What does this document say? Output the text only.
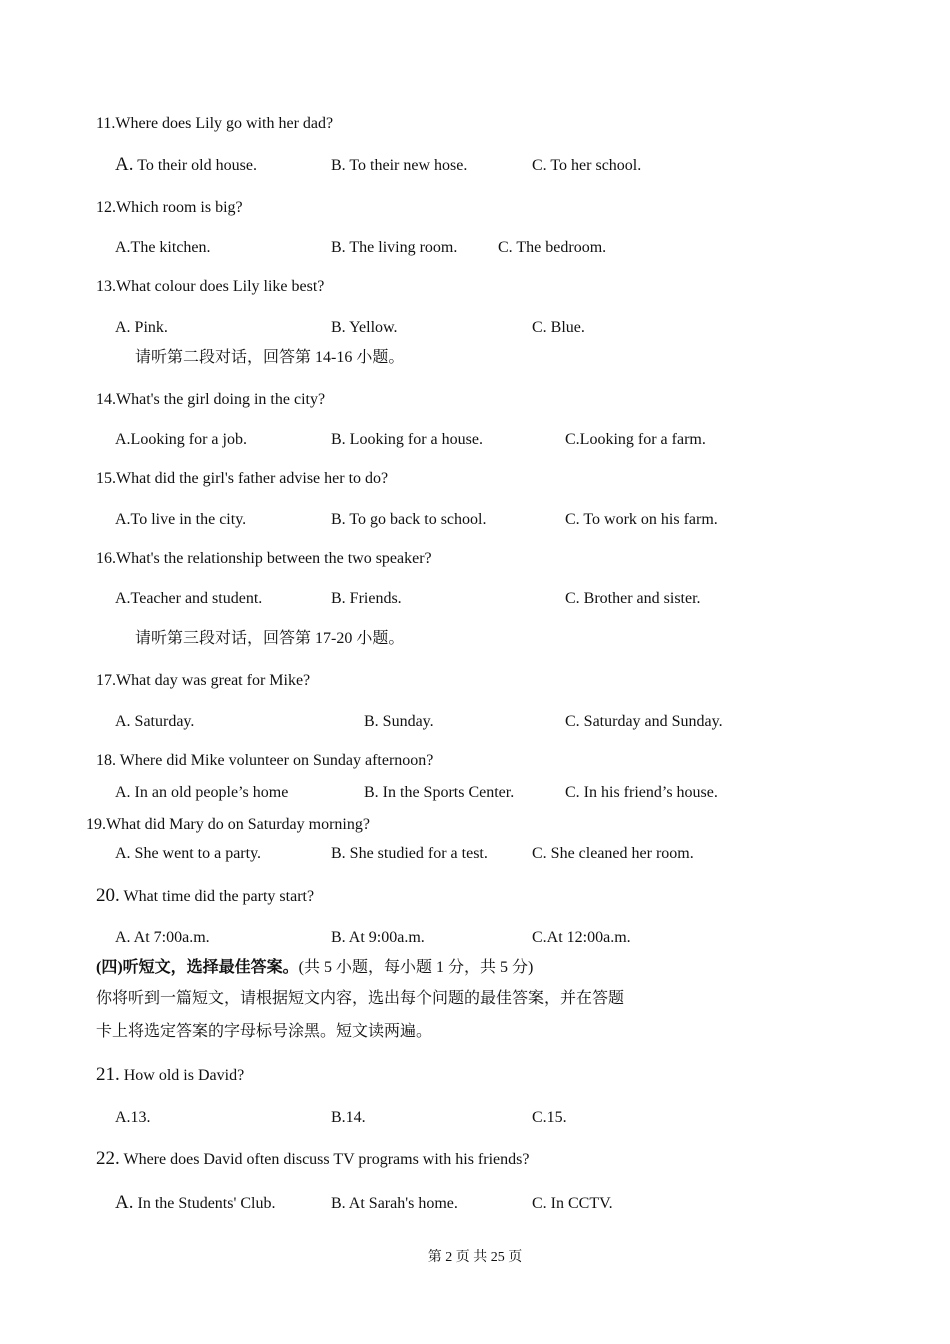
11.Where does Lily go with her dad?
A. To their old house.	B. To their new hose.	C. To her school.
12.Which room is big?
A.The kitchen.	B. The living room.	C. The bedroom.
13.What colour does Lily like best?
A. Pink.	B. Yellow.	C. Blue.
请听第二段对话，回答第 14-16 小题。
14.What's the girl doing in the city?
A.Looking for a job.	B. Looking for a house.	C.Looking for a farm.
15.What did the girl's father advise her to do?
A.To live in the city.	B. To go back to school.	C. To work on his farm.
16.What's the relationship between the two speaker?
A.Teacher and student.	B. Friends.	C. Brother and sister.
请听第三段对话，回答第 17-20 小题。
17.What day was great for Mike?
A. Saturday.	B. Sunday.	C. Saturday and Sunday.
18. Where did Mike volunteer on Sunday afternoon?
A. In an old people’s home	B. In the Sports Center.	C. In his friend’s house.
19.What did Mary do on Saturday morning?
A. She went to a party.	B. She studied for a test.	C. She cleaned her room.
20. What time did the party start?
A. At 7:00a.m.	B. At 9:00a.m.	C.At 12:00a.m.
(四)听短文，选择最佳答案。(共 5 小题，每小题 1 分，共 5 分)
你将听到一篇短文，请根据短文内容，选出每个问题的最佳答案，并在答题
卡上将选定答案的字母标号涂黑。短文读两遍。
21. How old is David?
A.13.	B.14.	C.15.
22. Where does David often discuss TV programs with his friends?
A. In the Students' Club.	B. At Sarah's home.	C. In CCTV.
第 2 页 共 25 页
